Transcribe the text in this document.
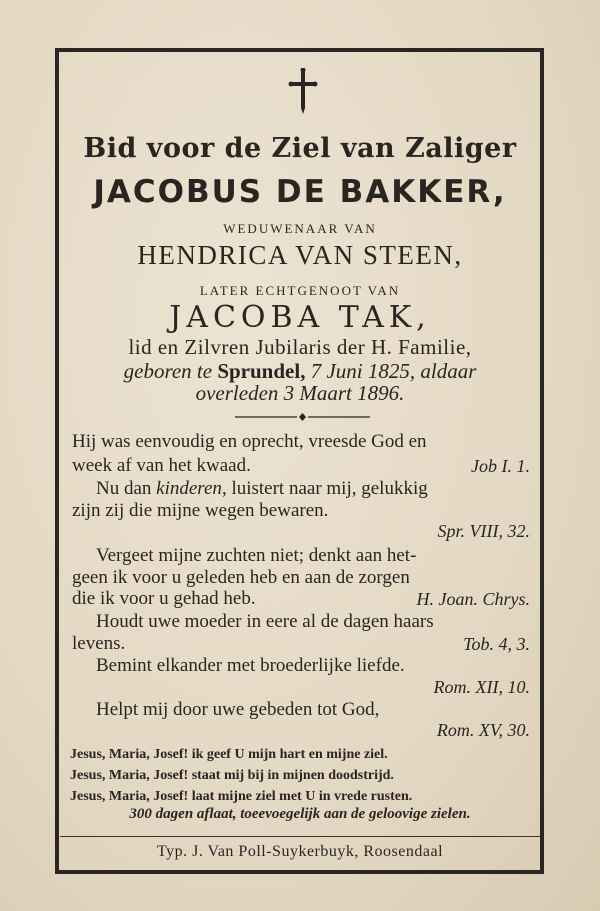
Bid voor de Ziel van Zaliger
JACOBUS DE BAKKER,
WEDUWENAAR VAN
HENDRICA VAN STEEN,
LATER ECHTGENOOT VAN
JACOBA TAK,
lid en Zilvren Jubilaris der H. Familie,
geboren te Sprundel, 7 Juni 1825, aldaar
overleden 3 Maart 1896.
Hij was eenvoudig en oprecht, vreesde God en
week af van het kwaad.	Job I. 1.
Nu dan kinderen, luistert naar mij, gelukkig
zijn zij die mijne wegen bewaren.
Spr. VIII, 32.
Vergeet mijne zuchten niet; denkt aan het-
geen ik voor u geleden heb en aan de zorgen
die ik voor u gehad heb.	H. Joan. Chrys.
Houdt uwe moeder in eere al de dagen haars
levens.	Tob. 4, 3.
Bemint elkander met broederlijke liefde.
Rom. XII, 10.
Helpt mij door uwe gebeden tot God,
Rom. XV, 30.
Jesus, Maria, Josef! ik geef U mijn hart en mijne ziel.
Jesus, Maria, Josef! staat mij bij in mijnen doodstrijd.
Jesus, Maria, Josef! laat mijne ziel met U in vrede rusten.
300 dagen aflaat, toeevoegelijk aan de geloovige zielen.
Typ. J. Van Poll-Suykerbuyk, Roosendaal
